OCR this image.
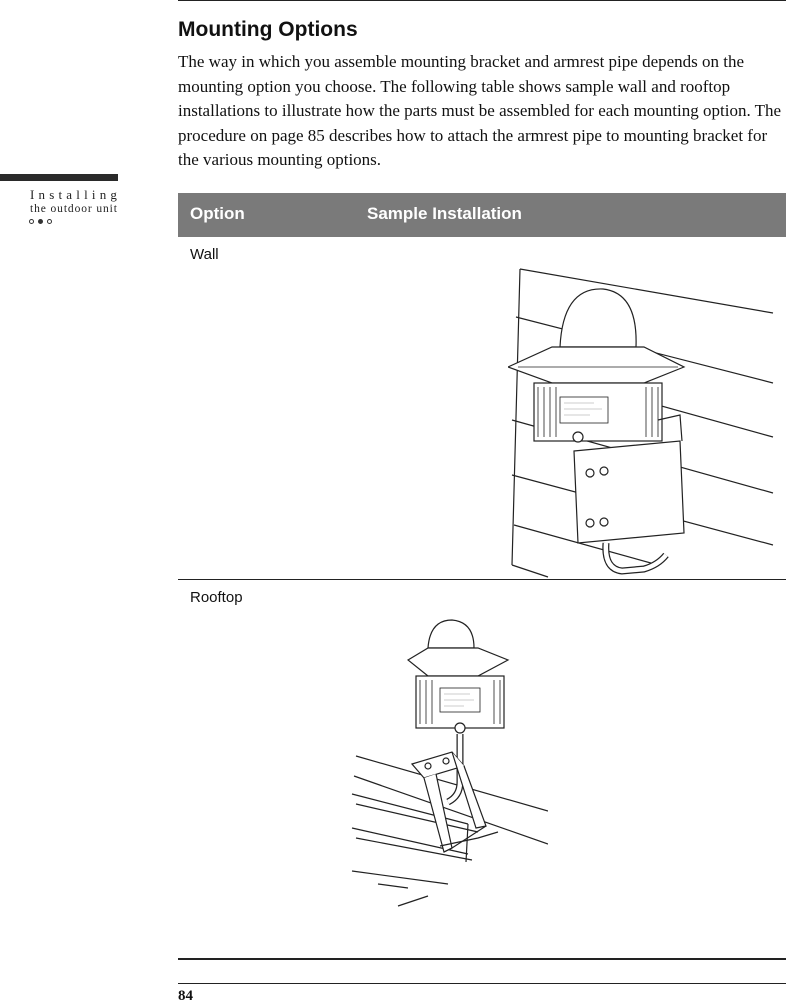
Mounting Options

The way in which you assemble mounting bracket and armrest pipe depends on the mounting option you choose. The following table shows sample wall and rooftop installations to illustrate how the parts must be assembled for each mounting option. The procedure on page 85 describes how to attach the armrest pipe to mounting bracket for the various mounting options.

Installing
the outdoor unit	Option	Sample Installation
Wall
Rooftop
84
